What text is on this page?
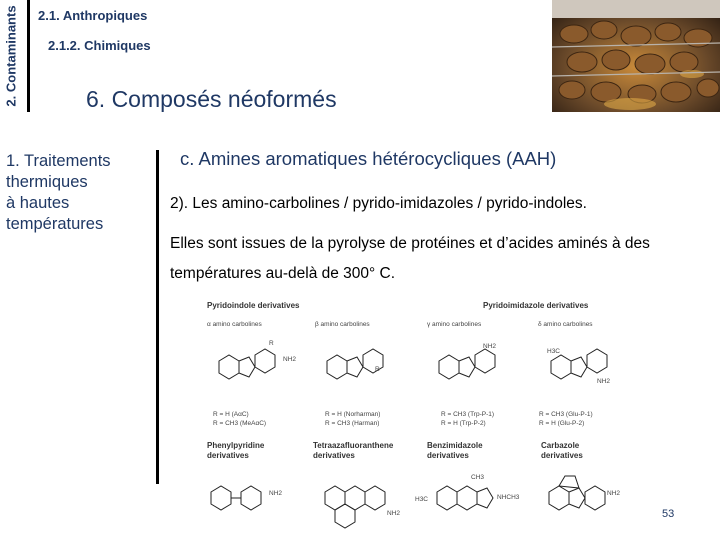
2. Contaminants	2.1. Anthropiques
2.1.2. Chimiques
6. Composés néoformés
1. Traitements
thermiques
à hautes
températures
c. Amines aromatiques hétérocycliques (AAH)
2). Les amino-carbolines / pyrido-imidazoles / pyrido-indoles.
Elles sont issues de la pyrolyse de protéines et d’acides aminés à des températures au-delà de 300° C.
Pyridoindole derivatives	Pyridoimidazole derivatives
α amino carbolines	β amino carbolines	γ amino carbolines	δ amino carbolines
NH2
R
R
NH2
H3C
NH2
R = H (AαC)
R = CH3 (MeAαC)
R = H (Norharman)
R = CH3 (Harman)
R = CH3 (Trp-P-1)
R = H (Trp-P-2)
R = CH3 (Glu-P-1)
R = H (Glu-P-2)
Phenylpyridine derivatives
Tetraazafluoranthene derivatives
Benzimidazole derivatives
Carbazole derivatives
NH2
NH2
CH3
H3C	NHCH3
NH2
53
